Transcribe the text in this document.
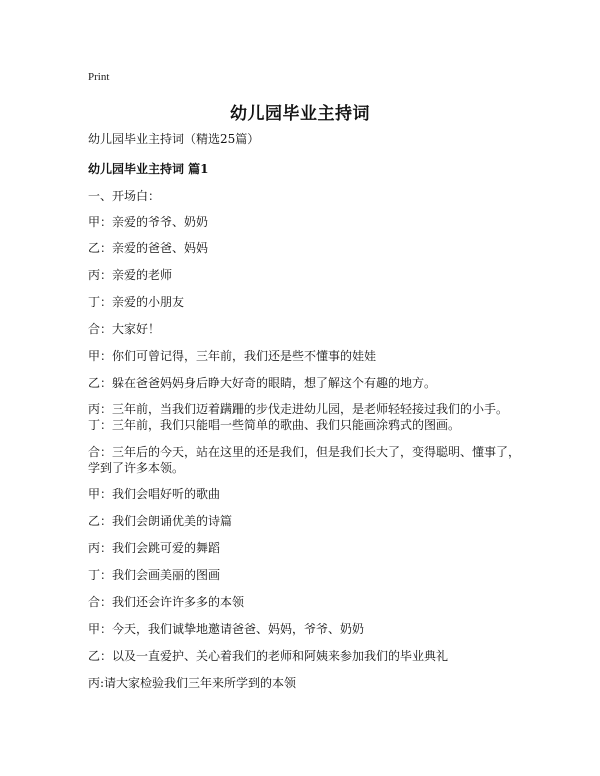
Print
幼儿园毕业主持词
幼儿园毕业主持词（精选25篇）
幼儿园毕业主持词 篇1
一、开场白：
甲：亲爱的爷爷、奶奶
乙：亲爱的爸爸、妈妈
丙：亲爱的老师
丁：亲爱的小朋友
合：大家好！
甲：你们可曾记得，三年前，我们还是些不懂事的娃娃
乙：躲在爸爸妈妈身后睁大好奇的眼睛，想了解这个有趣的地方。
丙：三年前，当我们迈着蹒跚的步伐走进幼儿园，是老师轻轻接过我们的小手。丁：三年前，我们只能唱一些简单的歌曲、我们只能画涂鸦式的图画。
合：三年后的今天，站在这里的还是我们，但是我们长大了，变得聪明、懂事了，学到了许多本领。
甲：我们会唱好听的歌曲
乙：我们会朗诵优美的诗篇
丙：我们会跳可爱的舞蹈
丁：我们会画美丽的图画
合：我们还会许许多多的本领
甲：今天，我们诚挚地邀请爸爸、妈妈，爷爷、奶奶
乙：以及一直爱护、关心着我们的老师和阿姨来参加我们的毕业典礼
丙:请大家检验我们三年来所学到的本领
